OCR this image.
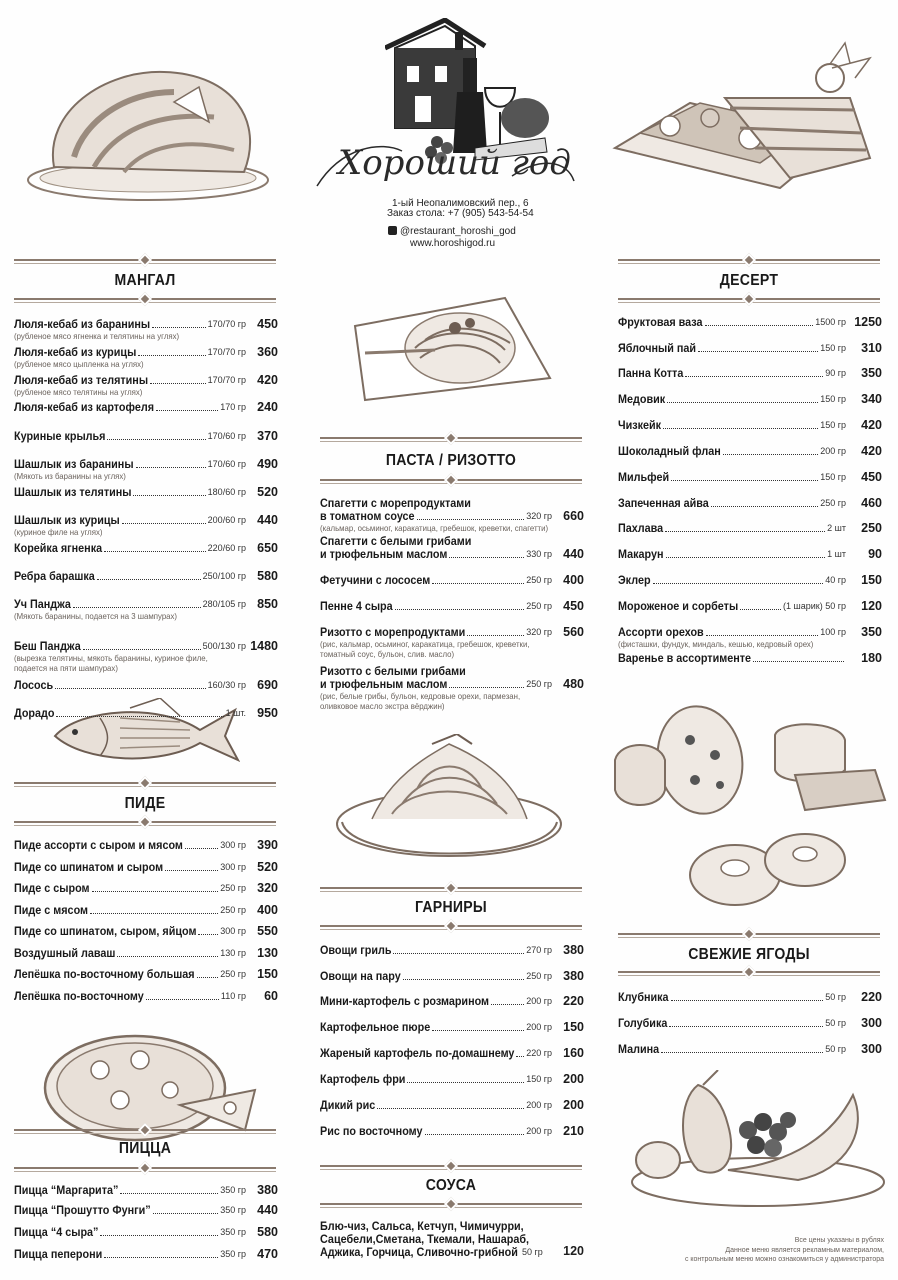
Хороший год
1-ый Неопалимовский пер., 6
Заказ стола: +7 (905) 543-54-54
@restaurant_horoshi_god
www.horoshigod.ru
МАНГАЛ
ПИДЕ
ПИЦЦА
ПАСТА / РИЗОТТО
ГАРНИРЫ
СОУСА
ДЕСЕРТ
СВЕЖИЕ ЯГОДЫ
Люля-кебаб из баранины	170/70 гр 450
(рубленое мясо ягненка и телятины на углях)
Люля-кебаб из курицы	170/70 гр 360
(рубленое мясо цыпленка на углях)
Люля-кебаб из телятины	170/70 гр 420
(рубленое мясо телятины на углях)
Люля-кебаб из картофеля	170 гр 240
Куриные крылья	170/60 гр 370
Шашлык из баранины	170/60 гр 490
(Мякоть из баранины на углях)
Шашлык из телятины	180/60 гр 520
Шашлык из курицы	200/60 гр 440
(куриное филе на углях)
Корейка ягненка	220/60 гр 650
Ребра барашка	250/100 гр 580
Уч Панджа	280/105 гр 850
(Мякоть баранины, подается на 3 шампурах)
Беш Панджа	500/130 гр 1480
(вырезка телятины, мякоть баранины, куриное филе,
подается на пяти шампурах)
Лосось	160/30 гр 690
Дорадо	1 шт. 950
Пиде ассорти с сыром и мясом	300 гр 390
Пиде со шпинатом и сыром	300 гр 520
Пиде с сыром	250 гр 320
Пиде с мясом	250 гр 400
Пиде со шпинатом, сыром, яйцом	300 гр 550
Воздушный лаваш	130 гр 130
Лепёшка по-восточному большая	250 гр 150
Лепёшка по-восточному	110 гр	60
Пицца “Маргарита”	350 гр 380
Пицца “Прошутто Фунги”	350 гр 440
Пицца “4 сыра”	350 гр 580
Пицца пеперони	350 гр 470
Спагетти с морепродуктами
в томатном соусе	320 гр 660
(кальмар, осьминог, каракатица, гребешок, креветки, спагетти)
Спагетти с белыми грибами
и трюфельным маслом	330 гр 440
Фетучини с лососем	250 гр 400
Пенне 4 сыра	250 гр 450
Ризотто с морепродуктами	320 гр 560
(рис, кальмар, осьминог, каракатица, гребешок, креветки,
томатный соус, бульон, слив. масло)
Ризотто с белыми грибами
и трюфельным маслом	250 гр 480
(рис, белые грибы, бульон, кедровые орехи, пармезан,
оливковое масло экстра вёрджин)
Овощи гриль	270 гр 380
Овощи на пару	250 гр 380
Мини-картофель с розмарином	200 гр 220
Картофельное пюре	200 гр 150
Жареный картофель по-домашнему 220 гр 160
Картофель фри	150 гр 200
Дикий рис	200 гр 200
Рис по восточному	200 гр 210
Фруктовая ваза	1500 гр 1250
Яблочный пай	150 гр	310
Панна Котта	90 гр	350
Медовик	150 гр	340
Чизкейк	150 гр	420
Шоколадный флан	200 гр	420
Мильфей	150 гр	450
Запеченная айва	250 гр	460
Пахлава	2 шт	250
Макарун	1 шт	90
Эклер	40 гр	150
Мороженое и сорбеты	(1 шарик) 50 гр	120
Ассорти орехов	100 гр	350
(фисташки, фундук, миндаль, кешью, кедровый орех)
Варенье в ассортименте	180
Клубника	50 гр	220
Голубика	50 гр	300
Малина	50 гр	300
Блю-чиз, Сальса, Кетчуп, Чимичурри,
Сацебели,Сметана, Ткемали, Нашараб,
Аджика, Горчица, Сливочно-грибной 50 гр	120
Все цены указаны в рублях
Данное меню является рекламным материалом,
с контрольным меню можно ознакомиться у администратора
